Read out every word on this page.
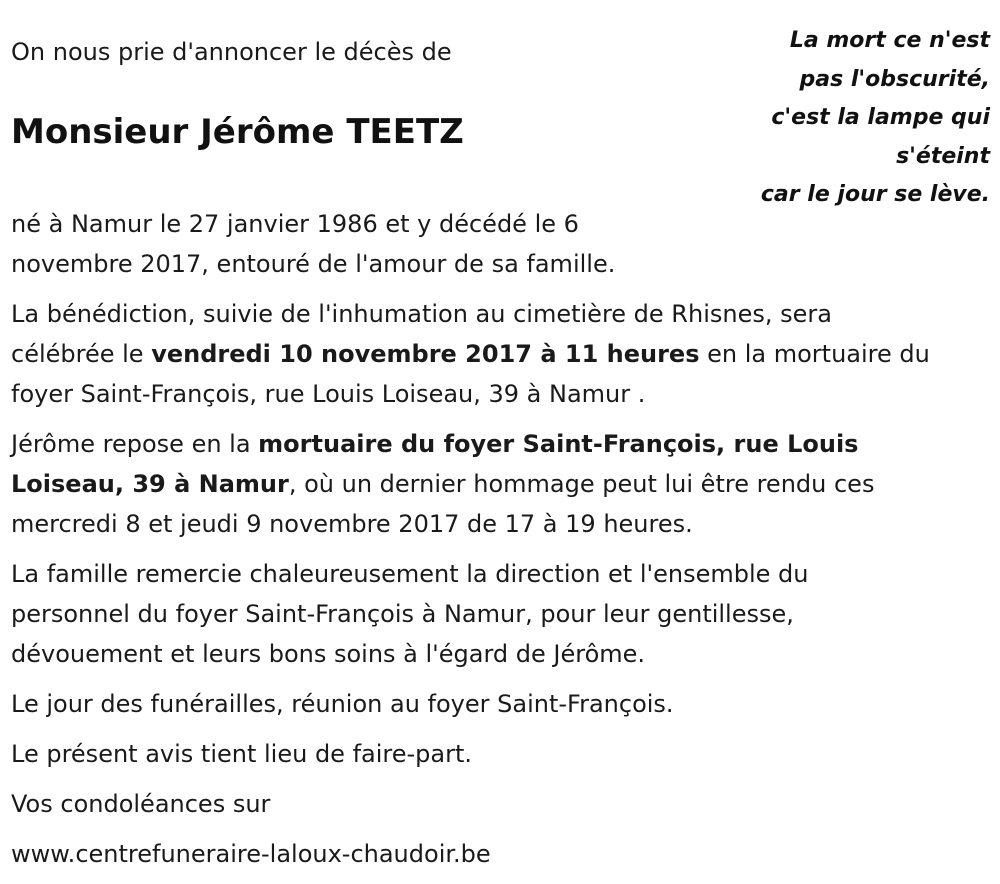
La mort ce n'est
pas l'obscurité,
c'est la lampe qui
s'éteint
car le jour se lève.
On nous prie d'annoncer le décès de
Monsieur Jérôme TEETZ

né à Namur le 27 janvier 1986 et y décédé le 6
novembre 2017, entouré de l'amour de sa famille.

La bénédiction, suivie de l'inhumation au cimetière de Rhisnes, sera
célébrée le vendredi 10 novembre 2017 à 11 heures en la mortuaire du
foyer Saint-François, rue Louis Loiseau, 39 à Namur .

Jérôme repose en la mortuaire du foyer Saint-François, rue Louis
Loiseau, 39 à Namur, où un dernier hommage peut lui être rendu ces
mercredi 8 et jeudi 9 novembre 2017 de 17 à 19 heures.

La famille remercie chaleureusement la direction et l'ensemble du
personnel du foyer Saint-François à Namur, pour leur gentillesse,
dévouement et leurs bons soins à l'égard de Jérôme.

Le jour des funérailles, réunion au foyer Saint-François.

Le présent avis tient lieu de faire-part.

Vos condoléances sur

www.centrefuneraire-laloux-chaudoir.be
